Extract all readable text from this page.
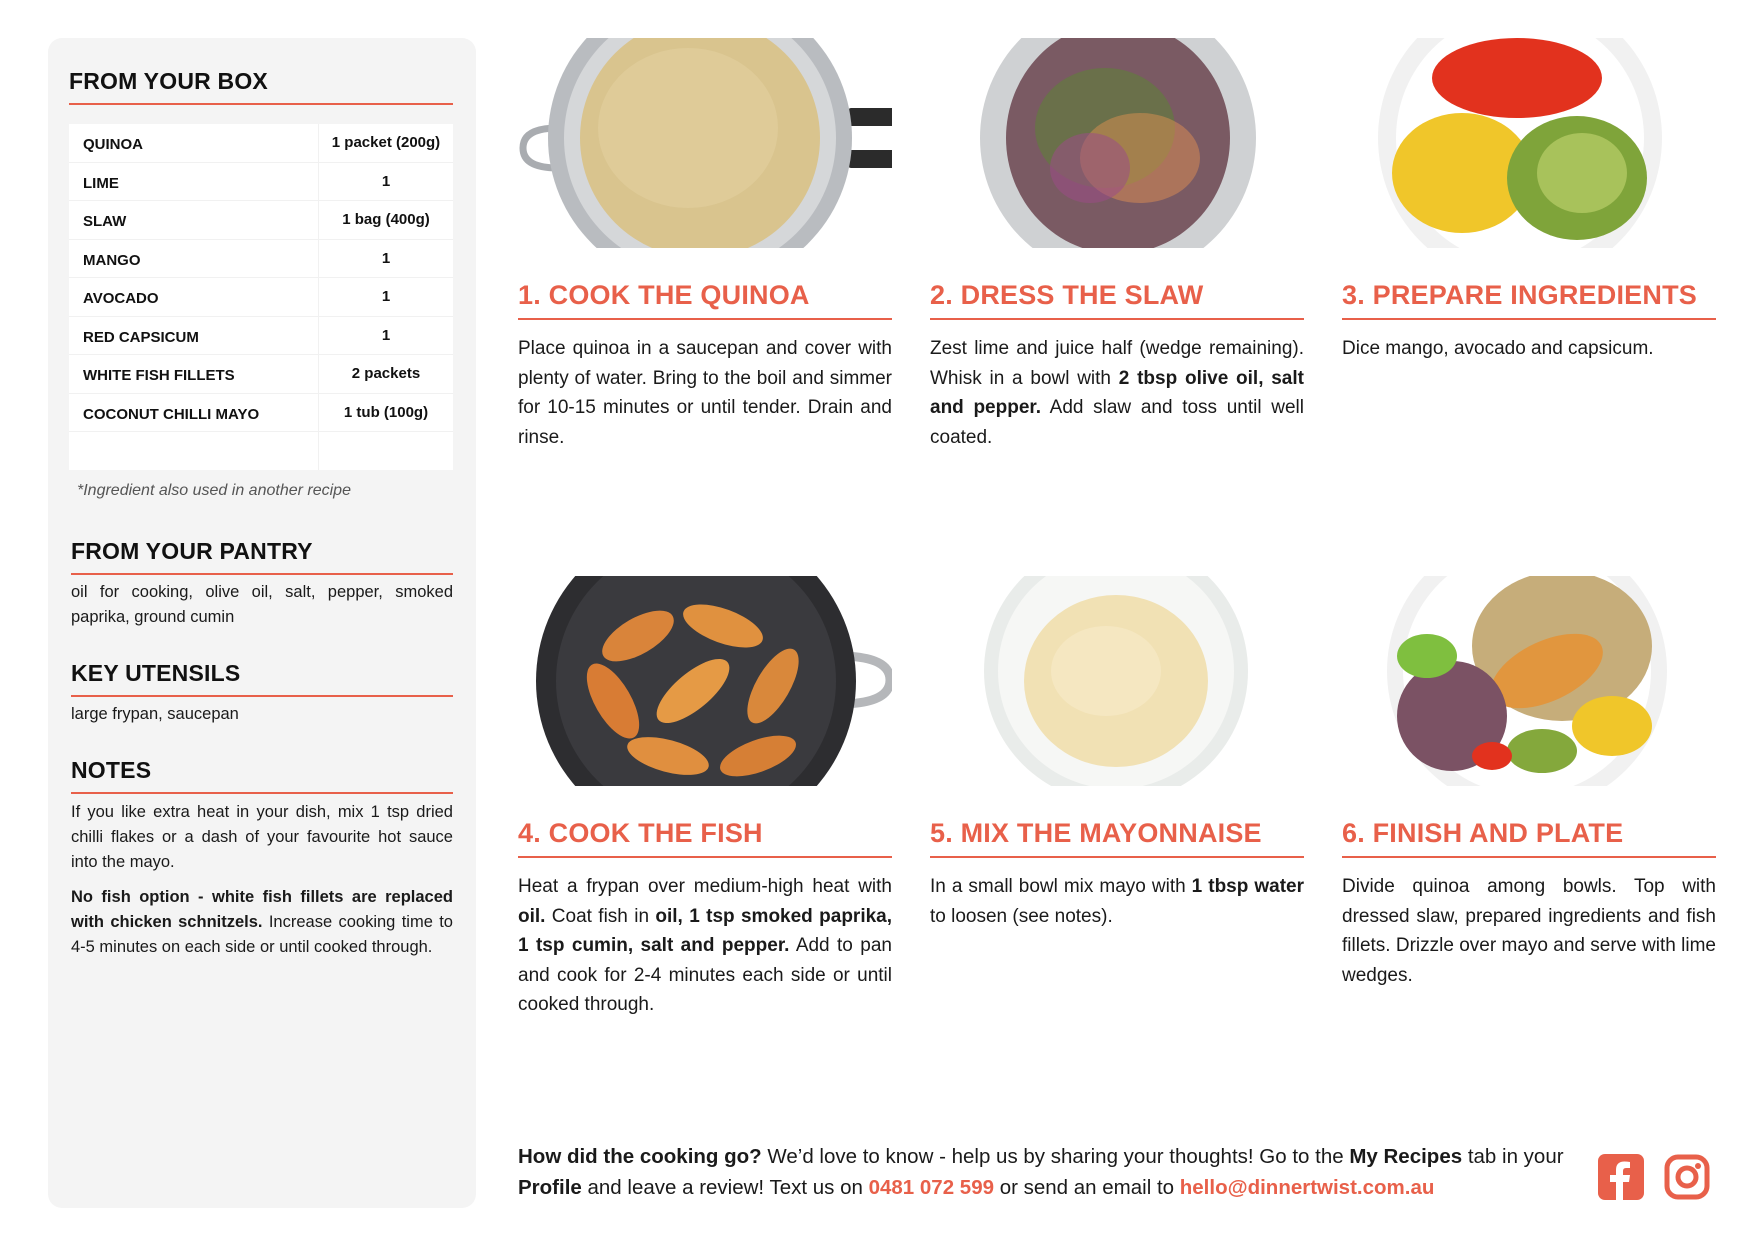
FROM YOUR BOX
QUINOA	1 packet (200g)
LIME	1
SLAW	1 bag (400g)
MANGO	1
AVOCADO	1
RED CAPSICUM	1
WHITE FISH FILLETS	2 packets
COCONUT CHILLI MAYO	1 tub (100g)
*Ingredient also used in another recipe
FROM YOUR PANTRY
oil for cooking, olive oil, salt, pepper, smoked paprika, ground cumin
KEY UTENSILS
large frypan, saucepan
NOTES

If you like extra heat in your dish, mix 1 tsp dried chilli flakes or a dash of your favourite hot sauce into the mayo.

No fish option - white fish fillets are replaced with chicken schnitzels. Increase cooking time to 4-5 minutes on each side or until cooked through.

1. COOK THE QUINOA
Place quinoa in a saucepan and cover with plenty of water. Bring to the boil and simmer for 10-15 minutes or until tender. Drain and rinse.
2. DRESS THE SLAW
Zest lime and juice half (wedge remaining). Whisk in a bowl with 2 tbsp olive oil, salt and pepper. Add slaw and toss until well coated.
3. PREPARE INGREDIENTS
Dice mango, avocado and capsicum.
4. COOK THE FISH
Heat a frypan over medium-high heat with oil. Coat fish in oil, 1 tsp smoked paprika, 1 tsp cumin, salt and pepper. Add to pan and cook for 2-4 minutes each side or until cooked through.
5. MIX THE MAYONNAISE
In a small bowl mix mayo with 1 tbsp water to loosen (see notes).
6. FINISH AND PLATE
Divide quinoa among bowls. Top with dressed slaw, prepared ingredients and fish fillets. Drizzle over mayo and serve with lime wedges.
How did the cooking go? We’d love to know - help us by sharing your thoughts! Go to the My Recipes tab in your Profile and leave a review! Text us on 0481 072 599 or send an email to hello@dinnertwist.com.au
